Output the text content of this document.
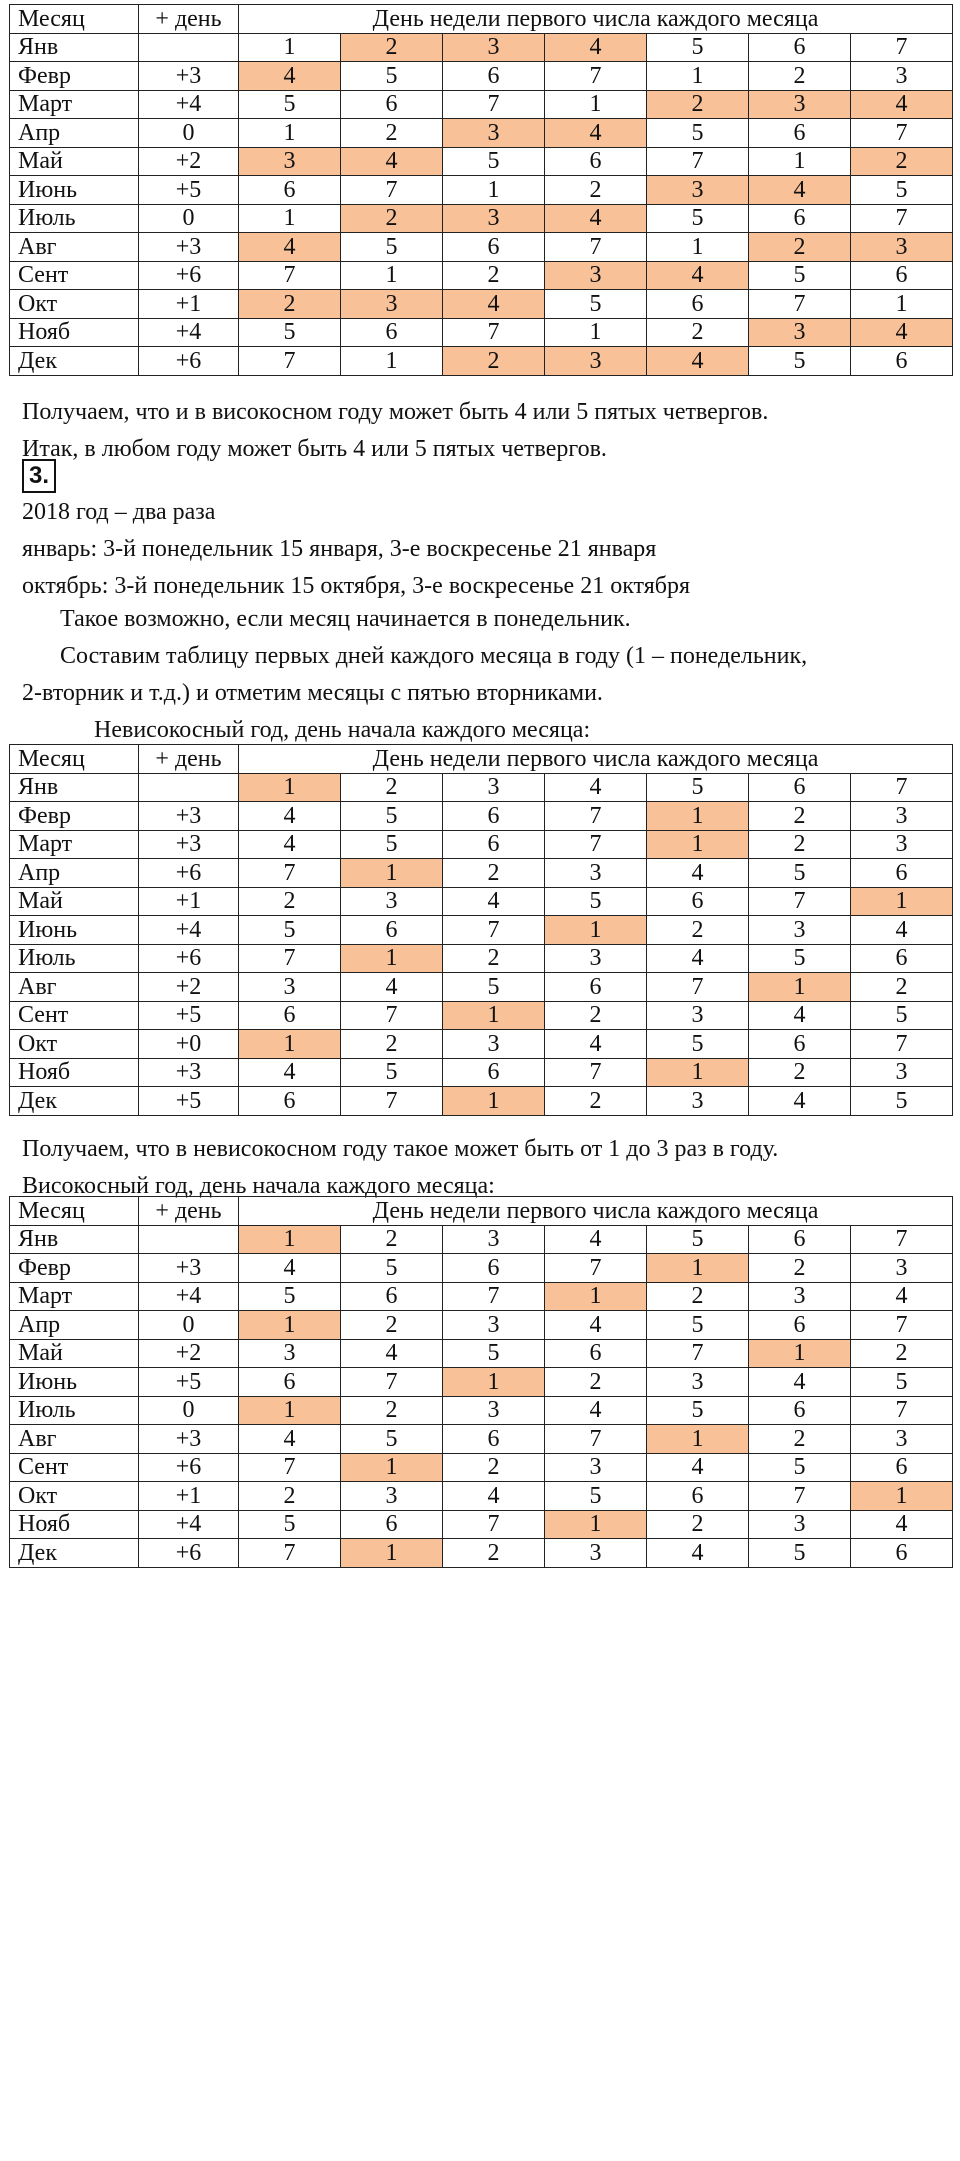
Месяц	+ день	День недели первого числа каждого месяца						
Янв		1	2	3	4	5	6	7
Февр	+3	4	5	6	7	1	2	3
Март	+4	5	6	7	1	2	3	4
Апр	0	1	2	3	4	5	6	7
Май	+2	3	4	5	6	7	1	2
Июнь	+5	6	7	1	2	3	4	5
Июль	0	1	2	3	4	5	6	7
Авг	+3	4	5	6	7	1	2	3
Сент	+6	7	1	2	3	4	5	6
Окт	+1	2	3	4	5	6	7	1
Нояб	+4	5	6	7	1	2	3	4
Дек	+6	7	1	2	3	4	5	6

Получаем, что и в високосном году может быть 4 или 5 пятых четвергов.

Итак, в любом году может быть 4 или 5 пятых четвергов.

3.

2018 год – два раза

январь: 3-й понедельник 15 января, 3-е воскресенье 21 января

октябрь: 3-й понедельник 15 октября, 3-е воскресенье 21 октября

Такое возможно, если месяц начинается в понедельник.

Составим таблицу первых дней каждого месяца в году (1 – понедельник,

2-вторник и т.д.) и отметим месяцы с пятью вторниками.

Невисокосный год, день начала каждого месяца:

Месяц	+ день	День недели первого числа каждого месяца						
Янв		1	2	3	4	5	6	7
Февр	+3	4	5	6	7	1	2	3
Март	+3	4	5	6	7	1	2	3
Апр	+6	7	1	2	3	4	5	6
Май	+1	2	3	4	5	6	7	1
Июнь	+4	5	6	7	1	2	3	4
Июль	+6	7	1	2	3	4	5	6
Авг	+2	3	4	5	6	7	1	2
Сент	+5	6	7	1	2	3	4	5
Окт	+0	1	2	3	4	5	6	7
Нояб	+3	4	5	6	7	1	2	3
Дек	+5	6	7	1	2	3	4	5

Получаем, что в невисокосном году такое может быть от 1 до 3 раз в году.

Високосный год, день начала каждого месяца:

Месяц	+ день	День недели первого числа каждого месяца						
Янв		1	2	3	4	5	6	7
Февр	+3	4	5	6	7	1	2	3
Март	+4	5	6	7	1	2	3	4
Апр	0	1	2	3	4	5	6	7
Май	+2	3	4	5	6	7	1	2
Июнь	+5	6	7	1	2	3	4	5
Июль	0	1	2	3	4	5	6	7
Авг	+3	4	5	6	7	1	2	3
Сент	+6	7	1	2	3	4	5	6
Окт	+1	2	3	4	5	6	7	1
Нояб	+4	5	6	7	1	2	3	4
Дек	+6	7	1	2	3	4	5	6
